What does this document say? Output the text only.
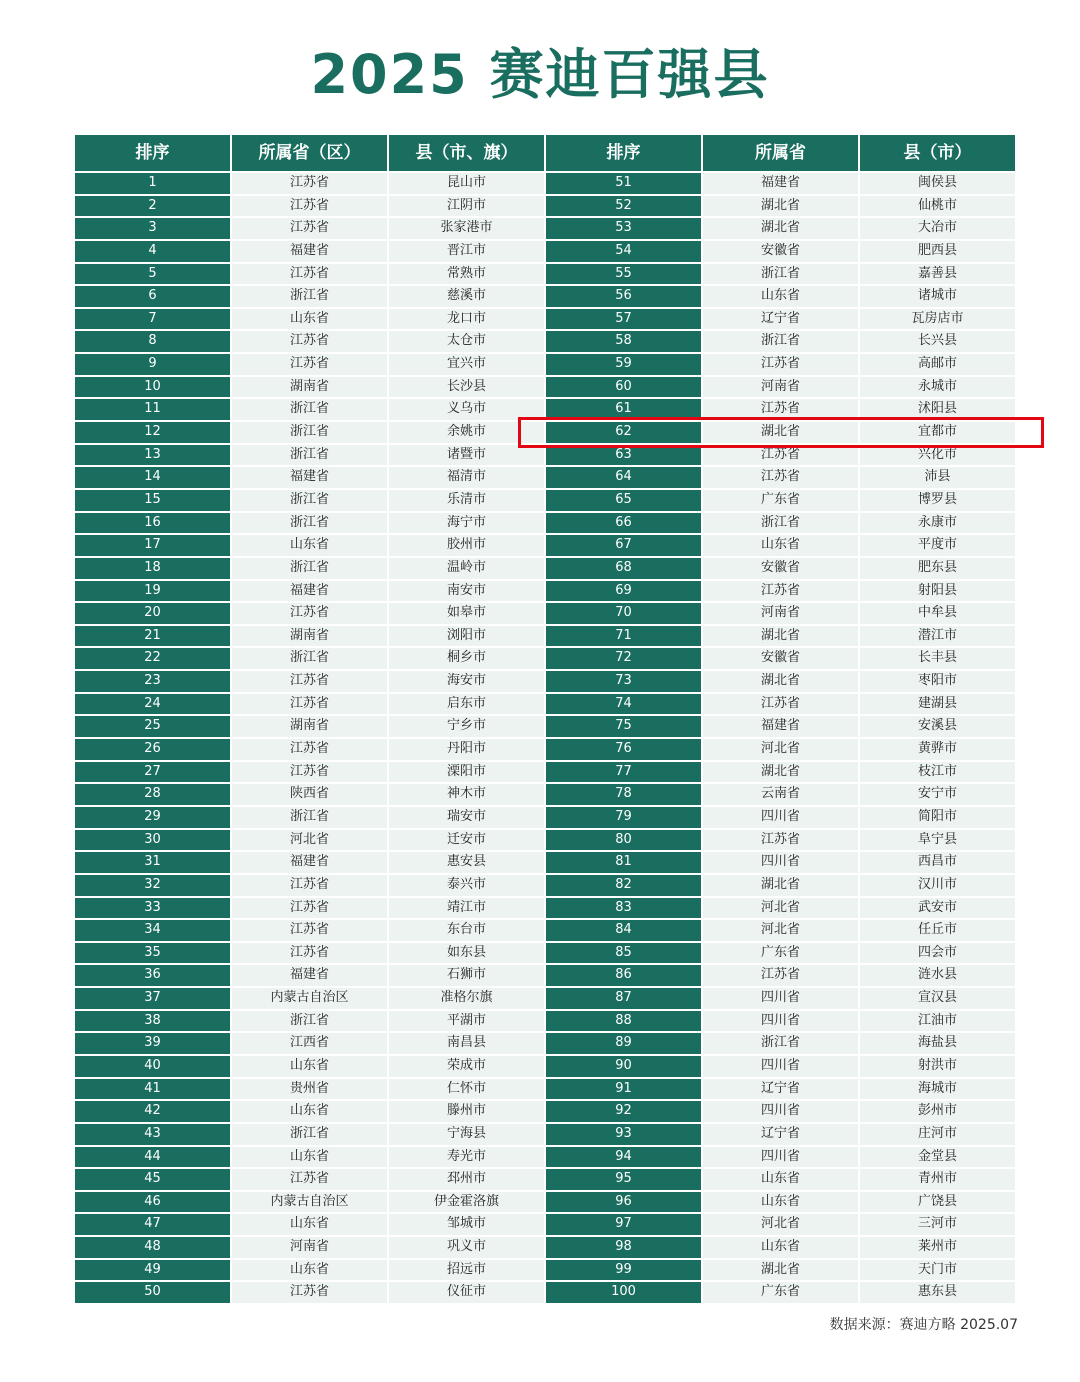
2025 赛迪百强县
排序	所属省（区）	县（市、旗）	排序	所属省	县（市）
1	江苏省	昆山市	51	福建省	闽侯县
2	江苏省	江阴市	52	湖北省	仙桃市
3	江苏省	张家港市	53	湖北省	大冶市
4	福建省	晋江市	54	安徽省	肥西县
5	江苏省	常熟市	55	浙江省	嘉善县
6	浙江省	慈溪市	56	山东省	诸城市
7	山东省	龙口市	57	辽宁省	瓦房店市
8	江苏省	太仓市	58	浙江省	长兴县
9	江苏省	宜兴市	59	江苏省	高邮市
10	湖南省	长沙县	60	河南省	永城市
11	浙江省	义乌市	61	江苏省	沭阳县
12	浙江省	余姚市	62	湖北省	宜都市
13	浙江省	诸暨市	63	江苏省	兴化市
14	福建省	福清市	64	江苏省	沛县
15	浙江省	乐清市	65	广东省	博罗县
16	浙江省	海宁市	66	浙江省	永康市
17	山东省	胶州市	67	山东省	平度市
18	浙江省	温岭市	68	安徽省	肥东县
19	福建省	南安市	69	江苏省	射阳县
20	江苏省	如皋市	70	河南省	中牟县
21	湖南省	浏阳市	71	湖北省	潜江市
22	浙江省	桐乡市	72	安徽省	长丰县
23	江苏省	海安市	73	湖北省	枣阳市
24	江苏省	启东市	74	江苏省	建湖县
25	湖南省	宁乡市	75	福建省	安溪县
26	江苏省	丹阳市	76	河北省	黄骅市
27	江苏省	溧阳市	77	湖北省	枝江市
28	陕西省	神木市	78	云南省	安宁市
29	浙江省	瑞安市	79	四川省	简阳市
30	河北省	迁安市	80	江苏省	阜宁县
31	福建省	惠安县	81	四川省	西昌市
32	江苏省	泰兴市	82	湖北省	汉川市
33	江苏省	靖江市	83	河北省	武安市
34	江苏省	东台市	84	河北省	任丘市
35	江苏省	如东县	85	广东省	四会市
36	福建省	石狮市	86	江苏省	涟水县
37	内蒙古自治区	准格尔旗	87	四川省	宣汉县
38	浙江省	平湖市	88	四川省	江油市
39	江西省	南昌县	89	浙江省	海盐县
40	山东省	荣成市	90	四川省	射洪市
41	贵州省	仁怀市	91	辽宁省	海城市
42	山东省	滕州市	92	四川省	彭州市
43	浙江省	宁海县	93	辽宁省	庄河市
44	山东省	寿光市	94	四川省	金堂县
45	江苏省	邳州市	95	山东省	青州市
46	内蒙古自治区	伊金霍洛旗	96	山东省	广饶县
47	山东省	邹城市	97	河北省	三河市
48	河南省	巩义市	98	山东省	莱州市
49	山东省	招远市	99	湖北省	天门市
50	江苏省	仪征市	100	广东省	惠东县
数据来源：赛迪方略 2025.07
